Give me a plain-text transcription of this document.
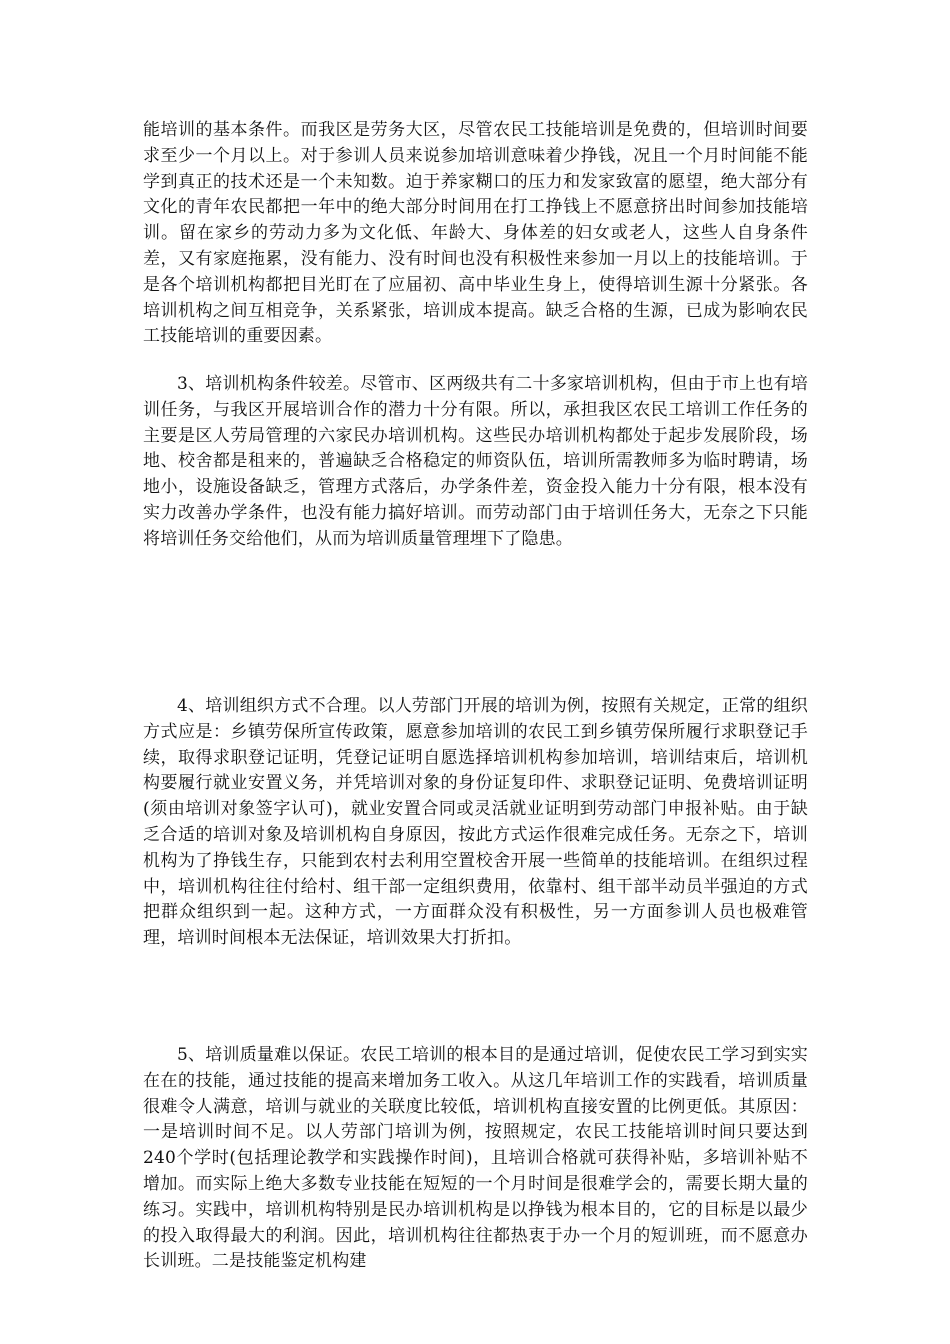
能培训的基本条件。而我区是劳务大区，尽管农民工技能培训是免费的，但培训时间要求至少一个月以上。对于参训人员来说参加培训意味着少挣钱，况且一个月时间能不能学到真正的技术还是一个未知数。迫于养家糊口的压力和发家致富的愿望，绝大部分有文化的青年农民都把一年中的绝大部分时间用在打工挣钱上不愿意挤出时间参加技能培训。留在家乡的劳动力多为文化低、年龄大、身体差的妇女或老人，这些人自身条件差，又有家庭拖累，没有能力、没有时间也没有积极性来参加一月以上的技能培训。于是各个培训机构都把目光盯在了应届初、高中毕业生身上，使得培训生源十分紧张。各培训机构之间互相竞争，关系紧张，培训成本提高。缺乏合格的生源，已成为影响农民工技能培训的重要因素。

3、培训机构条件较差。尽管市、区两级共有二十多家培训机构，但由于市上也有培训任务，与我区开展培训合作的潜力十分有限。所以，承担我区农民工培训工作任务的主要是区人劳局管理的六家民办培训机构。这些民办培训机构都处于起步发展阶段，场地、校舍都是租来的，普遍缺乏合格稳定的师资队伍，培训所需教师多为临时聘请，场地小，设施设备缺乏，管理方式落后，办学条件差，资金投入能力十分有限，根本没有实力改善办学条件，也没有能力搞好培训。而劳动部门由于培训任务大，无奈之下只能将培训任务交给他们，从而为培训质量管理埋下了隐患。

4、培训组织方式不合理。以人劳部门开展的培训为例，按照有关规定，正常的组织方式应是：乡镇劳保所宣传政策，愿意参加培训的农民工到乡镇劳保所履行求职登记手续，取得求职登记证明，凭登记证明自愿选择培训机构参加培训，培训结束后，培训机构要履行就业安置义务，并凭培训对象的身份证复印件、求职登记证明、免费培训证明(须由培训对象签字认可)，就业安置合同或灵活就业证明到劳动部门申报补贴。由于缺乏合适的培训对象及培训机构自身原因，按此方式运作很难完成任务。无奈之下，培训机构为了挣钱生存，只能到农村去利用空置校舍开展一些简单的技能培训。在组织过程中，培训机构往往付给村、组干部一定组织费用，依靠村、组干部半动员半强迫的方式把群众组织到一起。这种方式，一方面群众没有积极性，另一方面参训人员也极难管理，培训时间根本无法保证，培训效果大打折扣。

5、培训质量难以保证。农民工培训的根本目的是通过培训，促使农民工学习到实实在在的技能，通过技能的提高来增加务工收入。从这几年培训工作的实践看，培训质量很难令人满意，培训与就业的关联度比较低，培训机构直接安置的比例更低。其原因：一是培训时间不足。以人劳部门培训为例，按照规定，农民工技能培训时间只要达到240个学时(包括理论教学和实践操作时间)，且培训合格就可获得补贴，多培训补贴不增加。而实际上绝大多数专业技能在短短的一个月时间是很难学会的，需要长期大量的练习。实践中，培训机构特别是民办培训机构是以挣钱为根本目的，它的目标是以最少的投入取得最大的利润。因此，培训机构往往都热衷于办一个月的短训班，而不愿意办长训班。二是技能鉴定机构建
